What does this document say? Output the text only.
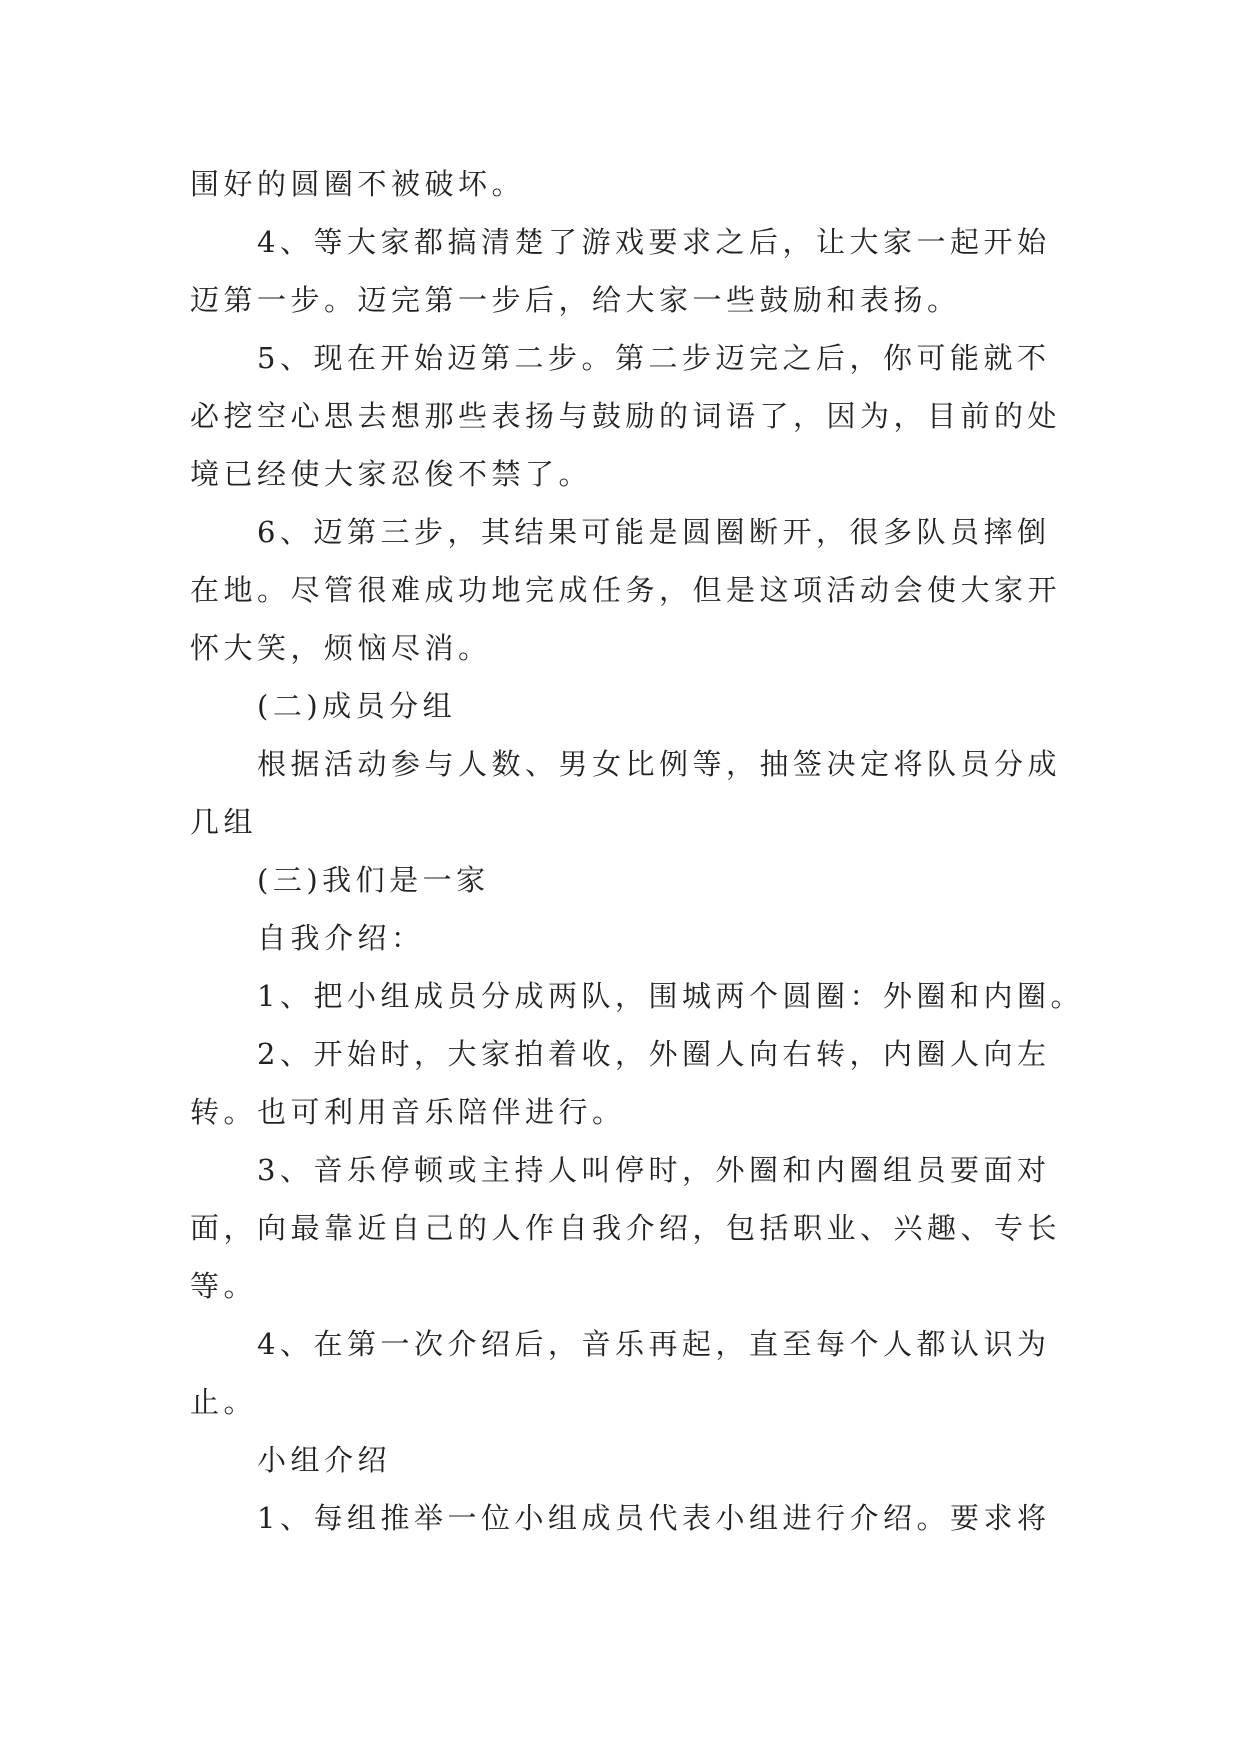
围好的圆圈不被破坏。
4、等大家都搞清楚了游戏要求之后，让大家一起开始
迈第一步。迈完第一步后，给大家一些鼓励和表扬。
5、现在开始迈第二步。第二步迈完之后，你可能就不
必挖空心思去想那些表扬与鼓励的词语了，因为，目前的处
境已经使大家忍俊不禁了。
6、迈第三步，其结果可能是圆圈断开，很多队员摔倒
在地。尽管很难成功地完成任务，但是这项活动会使大家开
怀大笑，烦恼尽消。
(二)成员分组
根据活动参与人数、男女比例等，抽签决定将队员分成
几组
(三)我们是一家
自我介绍：
1、把小组成员分成两队，围城两个圆圈：外圈和内圈。
2、开始时，大家拍着收，外圈人向右转，内圈人向左
转。也可利用音乐陪伴进行。
3、音乐停顿或主持人叫停时，外圈和内圈组员要面对
面，向最靠近自己的人作自我介绍，包括职业、兴趣、专长
等。
4、在第一次介绍后，音乐再起，直至每个人都认识为
止。
小组介绍
1、每组推举一位小组成员代表小组进行介绍。要求将
